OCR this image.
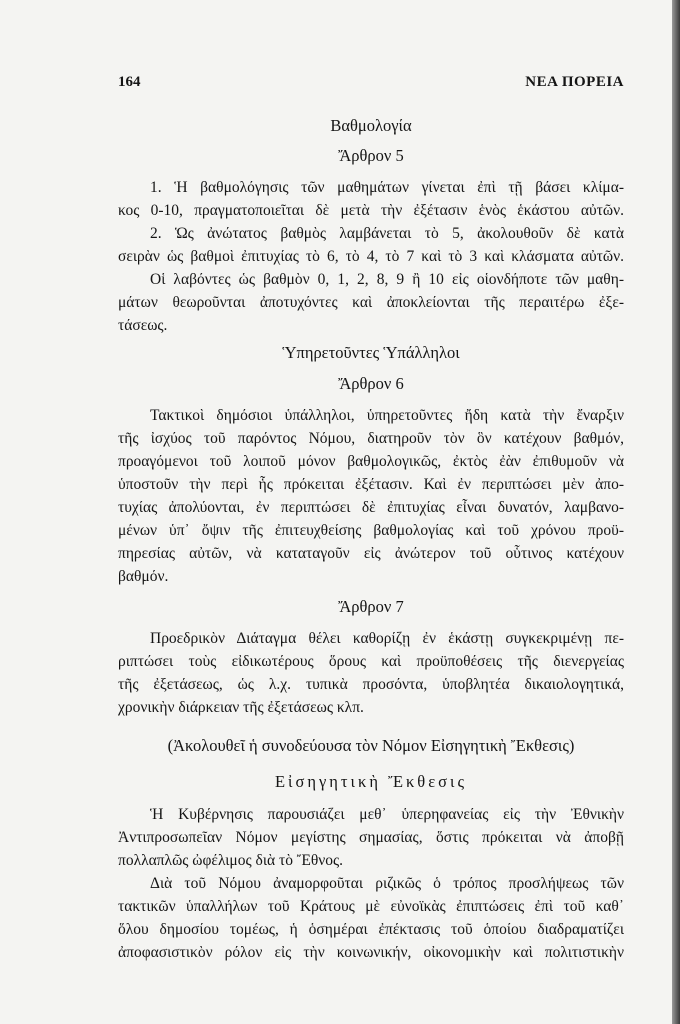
164	ΝΕΑ ΠΟΡΕΙΑ
Βαθμολογία
Ἄρθρον 5
1. Ἡ βαθμολόγησις τῶν μαθημάτων γίνεται ἐπὶ τῇ βάσει κλίμα-
κος 0-10, πραγματοποιεῖται δὲ μετὰ τὴν ἐξέτασιν ἑνὸς ἑκάστου αὐτῶν.
2. Ὡς ἀνώτατος βαθμὸς λαμβάνεται τὸ 5, ἀκολουθοῦν δὲ κατὰ
σειρὰν ὡς βαθμοὶ ἐπιτυχίας τὸ 6, τὸ 4, τὸ 7 καὶ τὸ 3 καὶ κλάσματα αὐτῶν.
Οἱ λαβόντες ὡς βαθμὸν 0, 1, 2, 8, 9 ἢ 10 εἰς οἱονδήποτε τῶν μαθη-
μάτων θεωροῦνται ἀποτυχόντες καὶ ἀποκλείονται τῆς περαιτέρω ἐξε-
τάσεως.
Ὑπηρετοῦντες Ὑπάλληλοι
Ἄρθρον 6
Τακτικοὶ δημόσιοι ὑπάλληλοι, ὑπηρετοῦντες ἤδη κατὰ τὴν ἔναρξιν
τῆς ἰσχύος τοῦ παρόντος Νόμου, διατηροῦν τὸν ὃν κατέχουν βαθμόν,
προαγόμενοι τοῦ λοιποῦ μόνον βαθμολογικῶς, ἐκτὸς ἐὰν ἐπιθυμοῦν νὰ
ὑποστοῦν τὴν περὶ ἧς πρόκειται ἐξέτασιν. Καὶ ἐν περιπτώσει μὲν ἀπο-
τυχίας ἀπολύονται, ἐν περιπτώσει δὲ ἐπιτυχίας εἶναι δυνατόν, λαμβανο-
μένων ὑπ᾽ ὄψιν τῆς ἐπιτευχθείσης βαθμολογίας καὶ τοῦ χρόνου προϋ-
πηρεσίας αὐτῶν, νὰ καταταγοῦν εἰς ἀνώτερον τοῦ οὗτινος κατέχουν
βαθμόν.
Ἄρθρον 7
Προεδρικὸν Διάταγμα θέλει καθορίζῃ ἐν ἑκάστῃ συγκεκριμένῃ πε-
ριπτώσει τοὺς εἰδικωτέρους ὅρους καὶ προϋποθέσεις τῆς διενεργείας
τῆς ἐξετάσεως, ὡς λ.χ. τυπικὰ προσόντα, ὑποβλητέα δικαιολογητικά,
χρονικὴν διάρκειαν τῆς ἐξετάσεως κλπ.
(Ἀκολουθεῖ ἡ συνοδεύουσα τὸν Νόμον Εἰσηγητικὴ Ἔκθεσις)
Εἰσηγητικὴ Ἔκθεσις
Ἡ Κυβέρνησις παρουσιάζει μεθ᾽ ὑπερηφανείας εἰς τὴν Ἐθνικὴν
Ἀντιπροσωπεῖαν Νόμον μεγίστης σημασίας, ὅστις πρόκειται νὰ ἀποβῇ
πολλαπλῶς ὠφέλιμος διὰ τὸ Ἔθνος.
Διὰ τοῦ Νόμου ἀναμορφοῦται ριζικῶς ὁ τρόπος προσλήψεως τῶν
τακτικῶν ὑπαλλήλων τοῦ Κράτους μὲ εὐνοϊκὰς ἐπιπτώσεις ἐπὶ τοῦ καθ᾽
ὅλου δημοσίου τομέως, ἡ ὁσημέραι ἐπέκτασις τοῦ ὁποίου διαδραματίζει
ἀποφασιστικὸν ρόλον εἰς τὴν κοινωνικήν, οἰκονομικὴν καὶ πολιτιστικὴν
